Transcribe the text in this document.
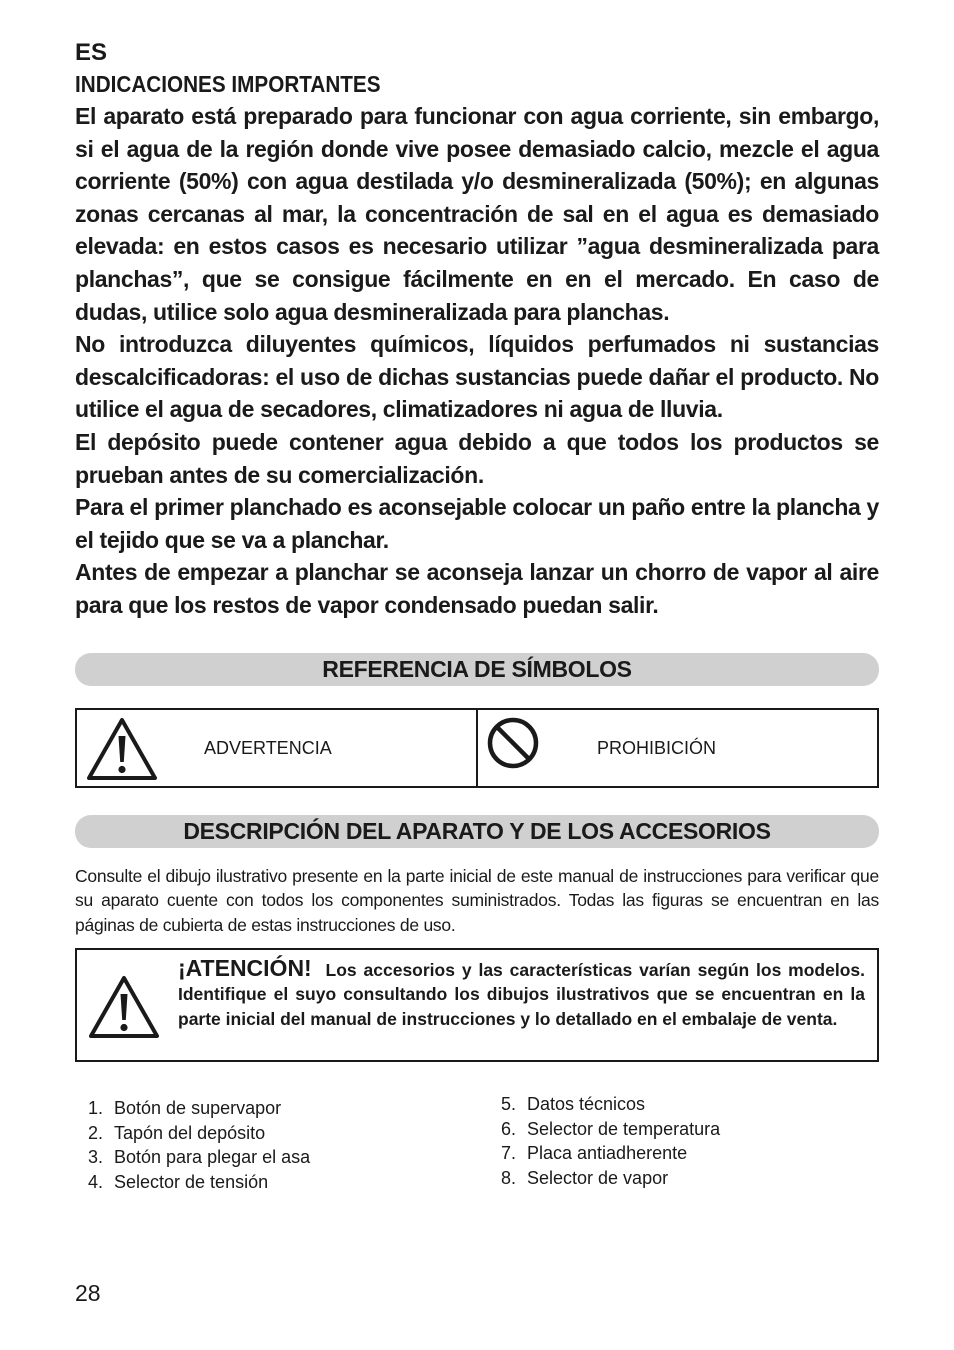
ES
INDICACIONES IMPORTANTES

El aparato está preparado para funcionar con agua corriente, sin embargo, si el agua de la región donde vive posee demasiado calcio, mezcle el agua corriente (50%) con agua destilada y/o desmineralizada (50%); en algunas zonas cercanas al mar, la concentración de sal en el agua es demasiado elevada: en estos casos es necesario utilizar ”agua desmineralizada para planchas”, que se consigue fácilmente en en el mercado. En caso de dudas, utilice solo agua desmineralizada para planchas.

No introduzca diluyentes químicos, líquidos perfumados ni sustancias descalcificadoras: el uso de dichas sustancias puede dañar el producto. No utilice el agua de secadores, climatizadores ni agua de lluvia.

El depósito puede contener agua debido a que todos los productos se prueban antes de su comercialización.

Para el primer planchado es aconsejable colocar un paño entre la plancha y el tejido que se va a planchar.

Antes de empezar a planchar se aconseja lanzar un chorro de vapor al aire para que los restos de vapor condensado puedan salir.

REFERENCIA DE SÍMBOLOS
ADVERTENCIA	PROHIBICIÓN
DESCRIPCIÓN DEL APARATO Y DE LOS ACCESORIOS
Consulte el dibujo ilustrativo presente en la parte inicial de este manual de instrucciones para verificar que su aparato cuente con todos los componentes suministrados. Todas las figuras se encuentran en las páginas de cubierta de estas instrucciones de uso.
¡ATENCIÓN! Los accesorios y las características varían según los modelos. Identifique el suyo consultando los dibujos ilustrativos que se encuentran en la parte inicial del manual de instrucciones y lo detallado en el embalaje de venta.
1. Botón de supervapor
2. Tapón del depósito
3. Botón para plegar el asa
4. Selector de tensión
5. Datos técnicos
6. Selector de temperatura
7. Placa antiadherente
8. Selector de vapor
28
